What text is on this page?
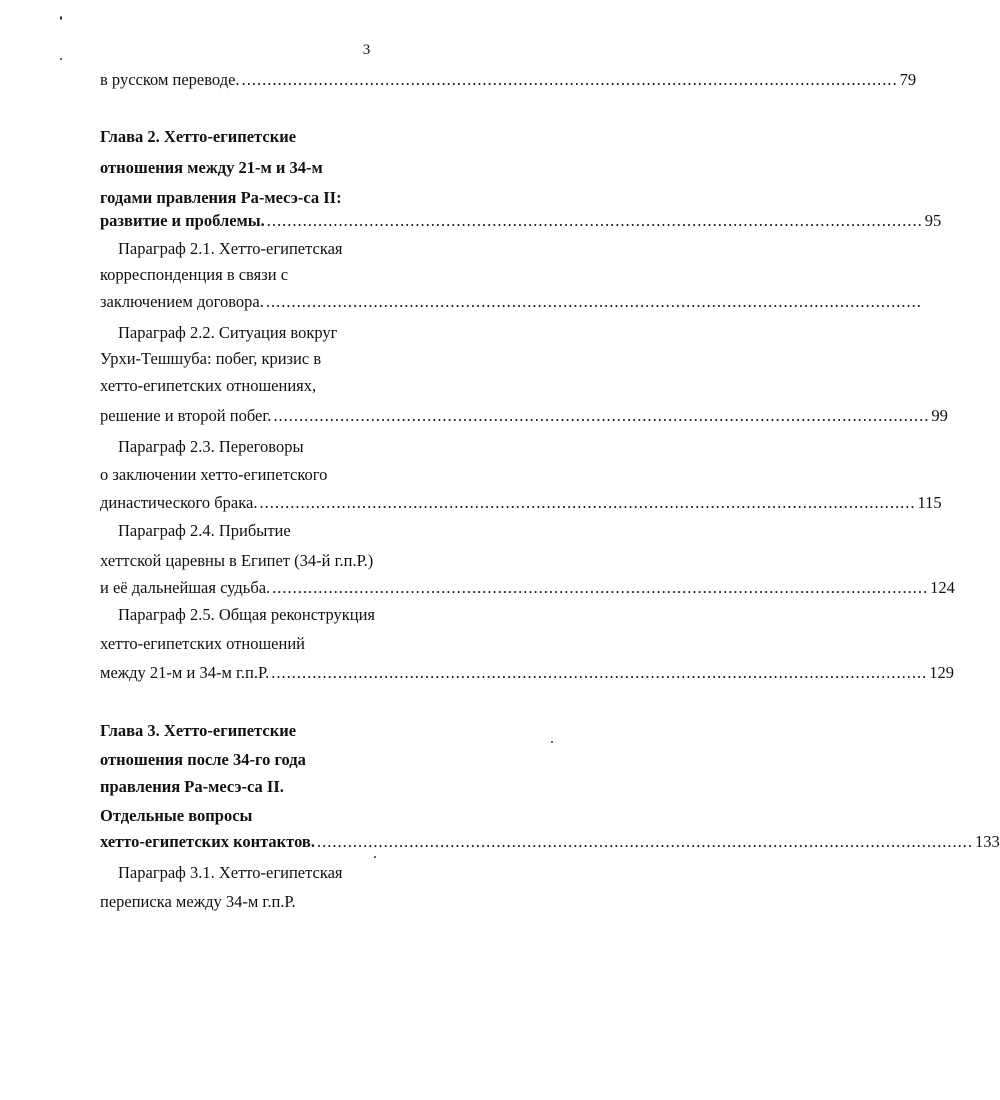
3
в русском переводе. ................................................................................................................................ 79
Глава 2. Хетто-египетские
отношения между 21-м и 34-м
годами правления Ра-месэ-са II:
развитие и проблемы. ................................................................................................................................ 95
Параграф 2.1. Хетто-египетская
корреспонденция в связи с
заключением договора. ................................................................................................................................
Параграф 2.2. Ситуация вокруг
Урхи-Тешшуба: побег, кризис в
хетто-египетских отношениях,
решение и второй побег. ................................................................................................................................ 99
Параграф 2.3. Переговоры
о заключении хетто-египетского
династического брака. ................................................................................................................................ 115
Параграф 2.4. Прибытие
хеттской царевны в Египет (34-й г.п.Р.)
и её дальнейшая судьба. ................................................................................................................................ 124
Параграф 2.5. Общая реконструкция
хетто-египетских отношений
между 21-м и 34-м г.п.Р. ................................................................................................................................ 129
Глава 3. Хетто-египетские
отношения после 34-го года
правления Ра-месэ-са II.
Отдельные вопросы
хетто-египетских контактов. ................................................................................................................................ 133
Параграф 3.1. Хетто-египетская
переписка между 34-м г.п.Р.
